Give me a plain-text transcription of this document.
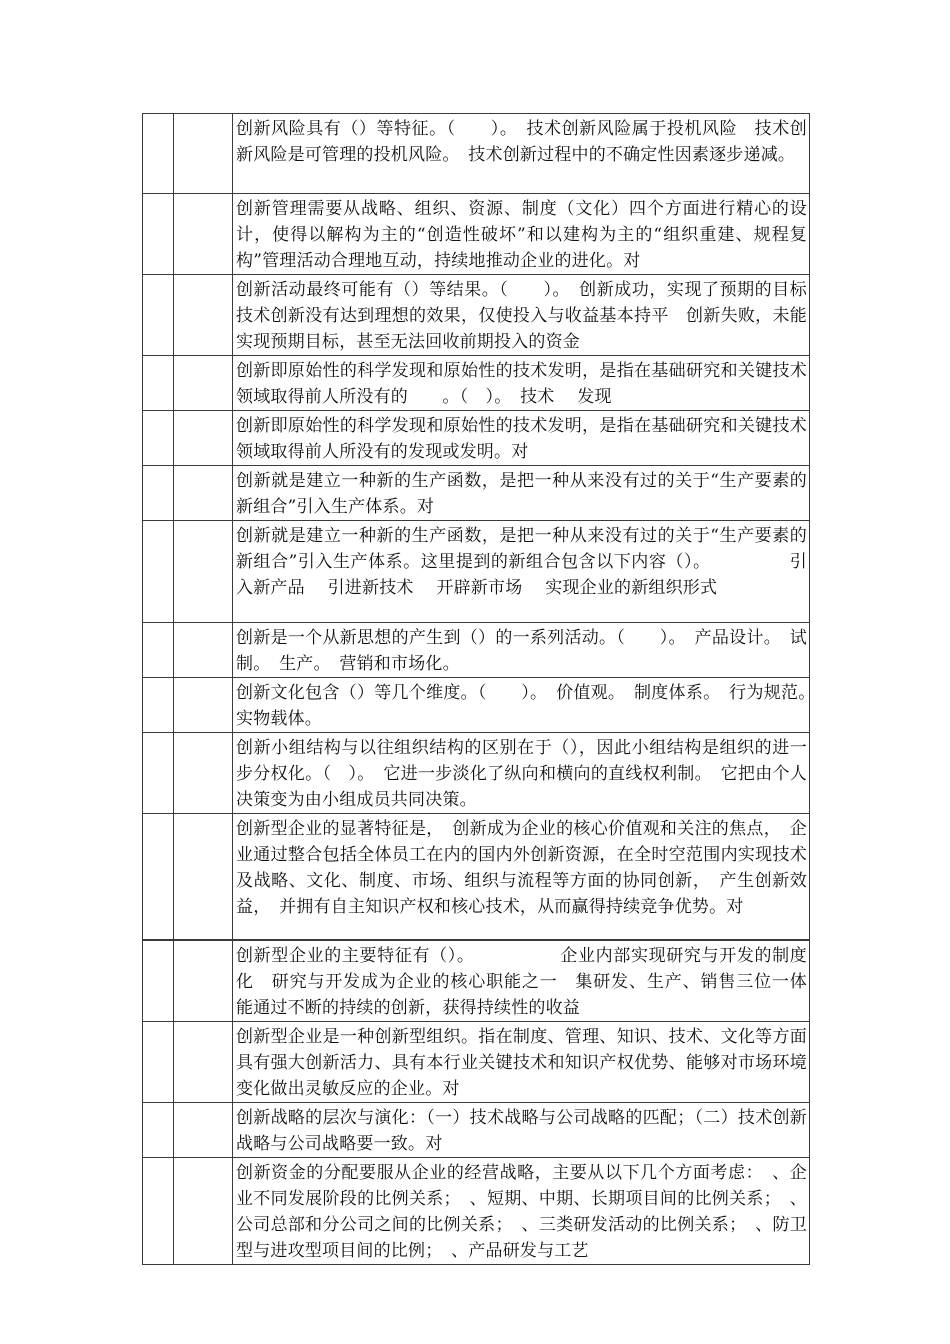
		创新风险具有（）等特征。（　　）。　技术创新风险属于投机风险　技术创新风险是可管理的投机风险。　技术创新过程中的不确定性因素逐步递减。
		创新管理需要从战略、组织、资源、制度（文化）四个方面进行精心的设计，使得以解构为主的“创造性破坏”和以建构为主的“组织重建、规程复构”管理活动合理地互动，持续地推动企业的进化。对
		创新活动最终可能有（）等结果。（　　）。　创新成功，实现了预期的目标　 技术创新没有达到理想的效果，仅使投入与收益基本持平　创新失败，未能实现预期目标，甚至无法回收前期投入的资金
		创新即原始性的科学发现和原始性的技术发明，是指在基础研究和关键技术领域取得前人所没有的　　。（　）。　技术　 发现
		创新即原始性的科学发现和原始性的技术发明，是指在基础研究和关键技术领域取得前人所没有的发现或发明。对
		创新就是建立一种新的生产函数，是把一种从来没有过的关于“生产要素的新组合”引入生产体系。对
		创新就是建立一种新的生产函数，是把一种从来没有过的关于“生产要素的新组合”引入生产体系。这里提到的新组合包含以下内容（）。　　　　　引入新产品　 引进新技术　 开辟新市场　 实现企业的新组织形式
		创新是一个从新思想的产生到（）的一系列活动。（　　）。　产品设计。　试制。　生产。　营销和市场化。
		创新文化包含（）等几个维度。（　　）。　价值观。　制度体系。　行为规范。　实物载体。
		创新小组结构与以往组织结构的区别在于（），因此小组结构是组织的进一步分权化。（　）。　它进一步淡化了纵向和横向的直线权利制。　它把由个人决策变为由小组成员共同决策。
		创新型企业的显著特征是，　创新成为企业的核心价值观和关注的焦点，　企业通过整合包括全体员工在内的国内外创新资源，在全时空范围内实现技术及战略、文化、制度、市场、组织与流程等方面的协同创新，　产生创新效益，　并拥有自主知识产权和核心技术，从而赢得持续竞争优势。对
		创新型企业的主要特征有（）。　　　　　 企业内部实现研究与开发的制度化　研究与开发成为企业的核心职能之一　集研发、生产、销售三位一体　能通过不断的持续的创新，获得持续性的收益
		创新型企业是一种创新型组织。指在制度、管理、知识、技术、文化等方面具有强大创新活力、具有本行业关键技术和知识产权优势、能够对市场环境变化做出灵敏反应的企业。对
		创新战略的层次与演化：（一）技术战略与公司战略的匹配；（二）技术创新战略与公司战略要一致。对
		创新资金的分配要服从企业的经营战略，主要从以下几个方面考虑：　、企业不同发展阶段的比例关系；　、短期、中期、长期项目间的比例关系；　、公司总部和分公司之间的比例关系；　、三类研发活动的比例关系；　、防卫型与进攻型项目间的比例；　、产品研发与工艺
